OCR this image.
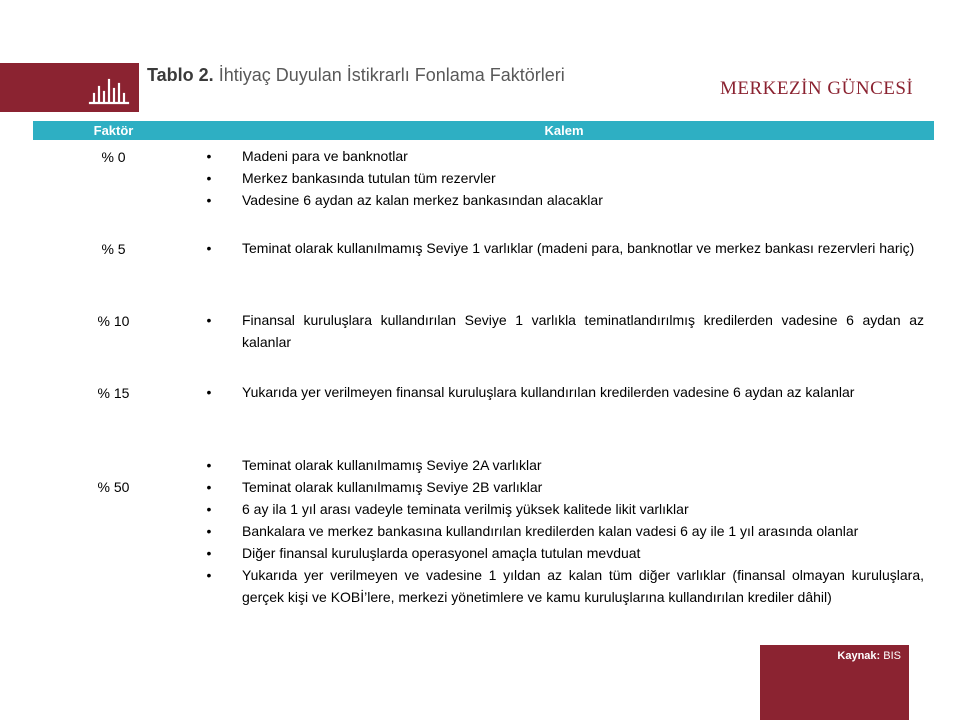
Tablo 2. İhtiyaç Duyulan İstikrarlı Fonlama Faktörleri
MERKEZİN GÜNCESİ
Faktör	Kalem
% 0	• Madeni para ve banknotlar
• Merkez bankasında tutulan tüm rezervler
• Vadesine 6 aydan az kalan merkez bankasından alacaklar
% 5	• Teminat olarak kullanılmamış Seviye 1 varlıklar (madeni para, banknotlar ve merkez bankası rezervleri hariç)
% 10	• Finansal kuruluşlara kullandırılan Seviye 1 varlıkla teminatlandırılmış kredilerden vadesine 6 aydan az kalanlar
% 15	• Yukarıda yer verilmeyen finansal kuruluşlara kullandırılan kredilerden vadesine 6 aydan az kalanlar
% 50
• Teminat olarak kullanılmamış Seviye 2A varlıklar
• Teminat olarak kullanılmamış Seviye 2B varlıklar
• 6 ay ila 1 yıl arası vadeyle teminata verilmiş yüksek kalitede likit varlıklar
• Bankalara ve merkez bankasına kullandırılan kredilerden kalan vadesi 6 ay ile 1 yıl arasında olanlar
• Diğer finansal kuruluşlarda operasyonel amaçla tutulan mevduat
• Yukarıda yer verilmeyen ve vadesine 1 yıldan az kalan tüm diğer varlıklar (finansal olmayan kuruluşlara, gerçek kişi ve KOBİ’lere, merkezi yönetimlere ve kamu kuruluşlarına kullandırılan krediler dâhil)
Kaynak: BIS
